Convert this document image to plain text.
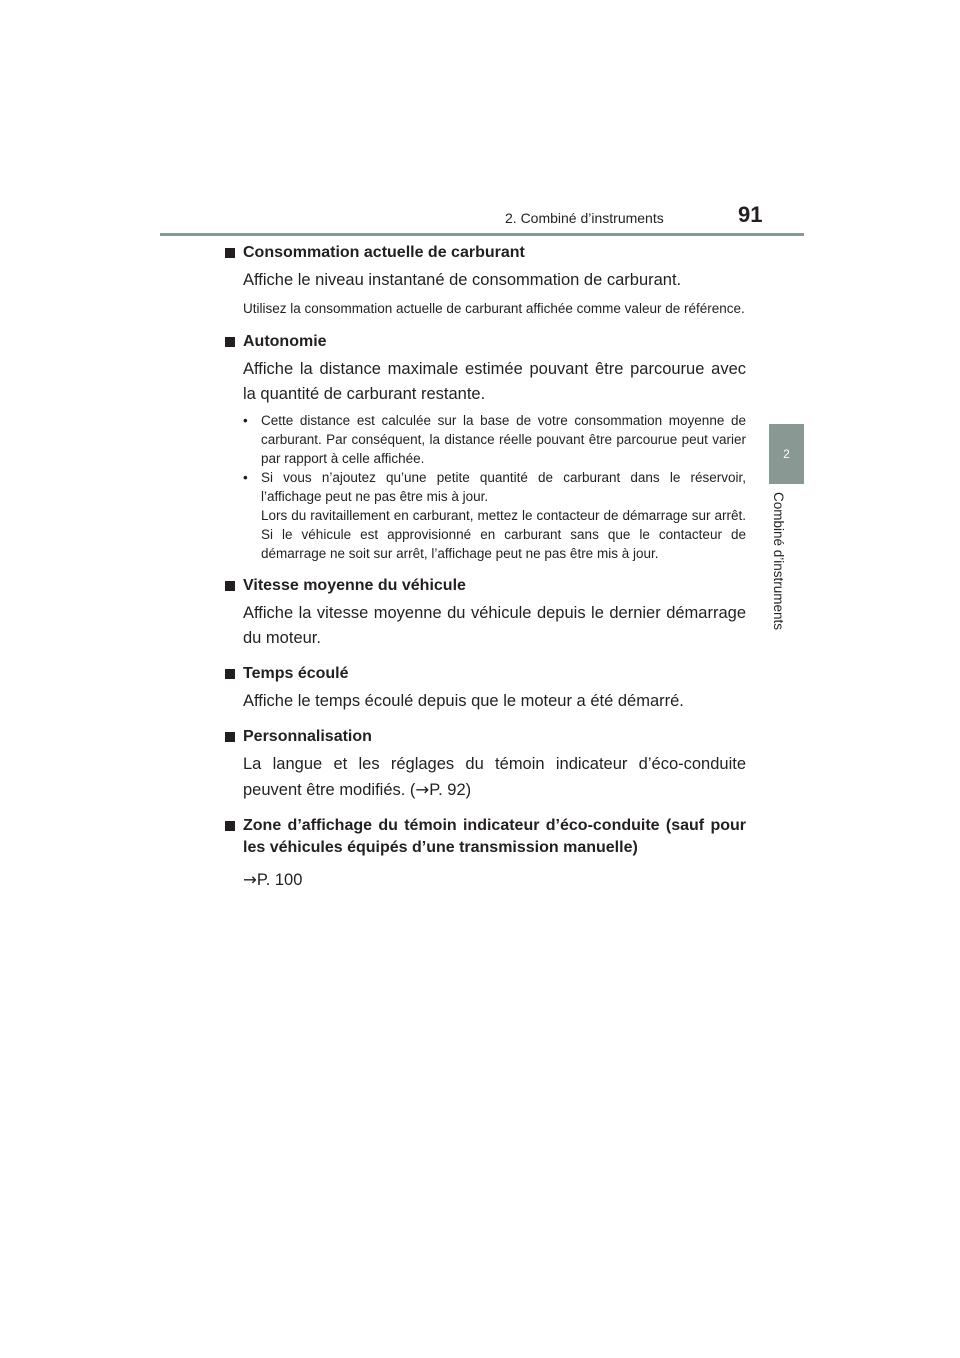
2. Combiné d’instruments	91
2
Combiné d’instruments
Consommation actuelle de carburant
Affiche le niveau instantané de consommation de carburant.
Utilisez la consommation actuelle de carburant affichée comme valeur de référence.
Autonomie
Affiche la distance maximale estimée pouvant être parcourue avec la quantité de carburant restante.
• Cette distance est calculée sur la base de votre consommation moyenne de carburant. Par conséquent, la distance réelle pouvant être parcourue peut varier par rapport à celle affichée.
• Si vous n’ajoutez qu’une petite quantité de carburant dans le réservoir, l’affichage peut ne pas être mis à jour.
Lors du ravitaillement en carburant, mettez le contacteur de démarrage sur arrêt. Si le véhicule est approvisionné en carburant sans que le contacteur de démarrage ne soit sur arrêt, l’affichage peut ne pas être mis à jour.
Vitesse moyenne du véhicule
Affiche la vitesse moyenne du véhicule depuis le dernier démarrage du moteur.
Temps écoulé
Affiche le temps écoulé depuis que le moteur a été démarré.
Personnalisation
La langue et les réglages du témoin indicateur d’éco-conduite peuvent être modifiés. (→P. 92)
Zone d’affichage du témoin indicateur d’éco-conduite (sauf pour les véhicules équipés d’une transmission manuelle)
→P. 100
